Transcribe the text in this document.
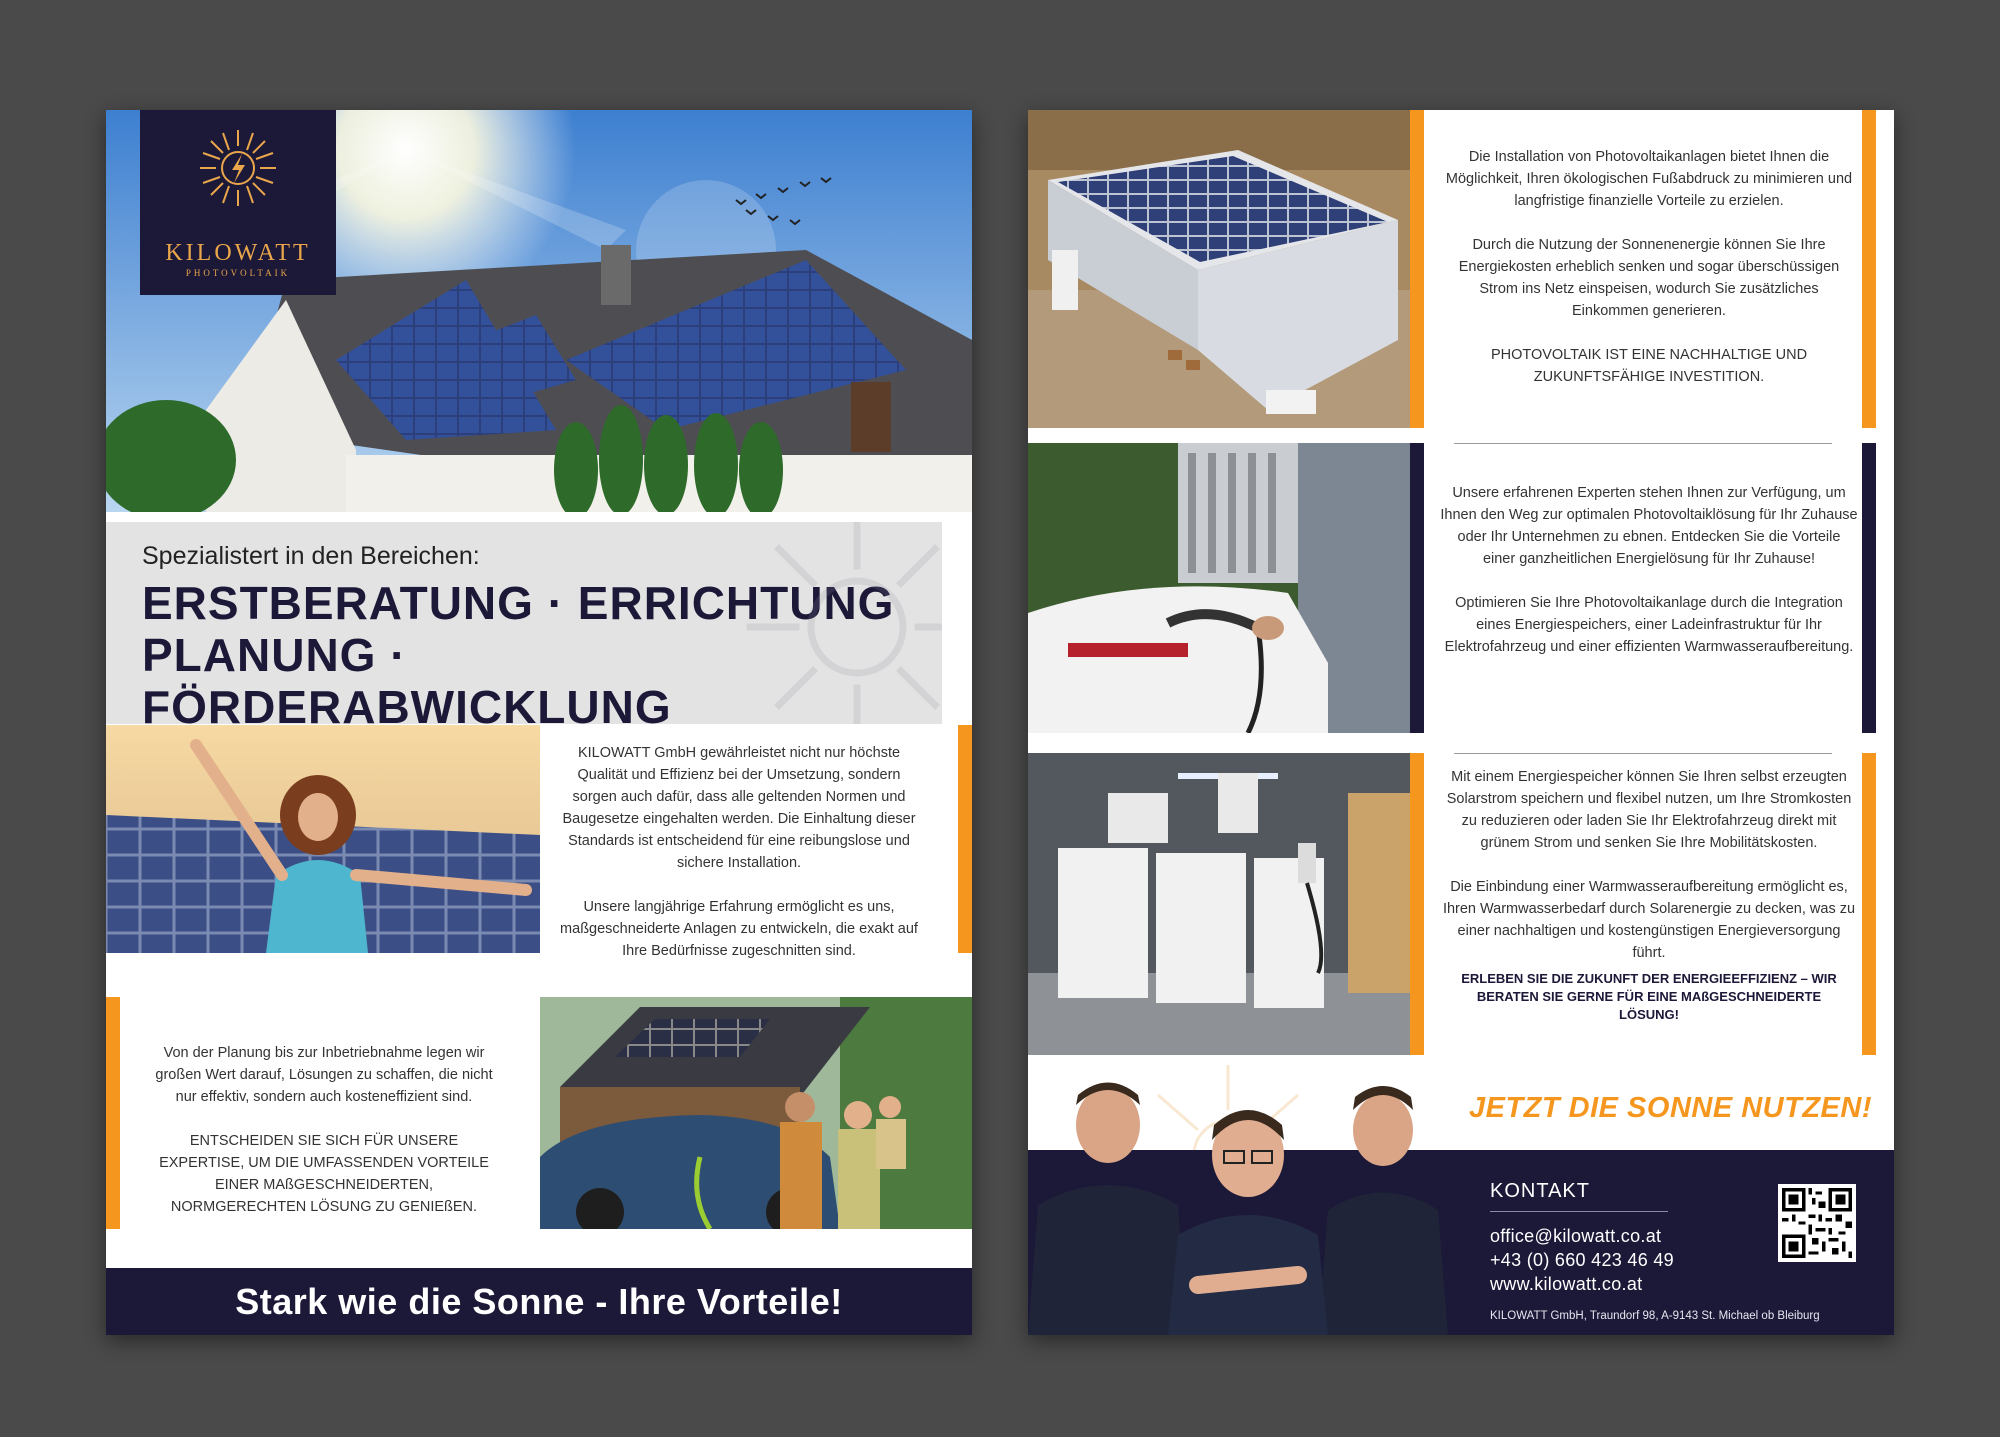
KILOWATT
PHOTOVOLTAIK
Spezialistert in den Bereichen:
ERSTBERATUNG · ERRICHTUNG
PLANUNG · FÖRDERABWICKLUNG

KILOWATT GmbH gewährleistet nicht nur höchste Qualität und Effizienz bei der Umsetzung, sondern sorgen auch dafür, dass alle geltenden Normen und Baugesetze eingehalten werden. Die Einhaltung dieser Standards ist entscheidend für eine reibungslose und sichere Installation.

Unsere langjährige Erfahrung ermöglicht es uns, maßgeschneiderte Anlagen zu entwickeln, die exakt auf Ihre Bedürfnisse zugeschnitten sind.

Von der Planung bis zur Inbetriebnahme legen wir großen Wert darauf, Lösungen zu schaffen, die nicht nur effektiv, sondern auch kosteneffizient sind.

ENTSCHEIDEN SIE SICH FÜR UNSERE EXPERTISE, UM DIE UMFASSENDEN VORTEILE EINER MAßGESCHNEIDERTEN, NORMGERECHTEN LÖSUNG ZU GENIEßEN.

Stark wie die Sonne - Ihre Vorteile!

Die Installation von Photovoltaikanlagen bietet Ihnen die Möglichkeit, Ihren ökologischen Fußabdruck zu minimieren und langfristige finanzielle Vorteile zu erzielen.

Durch die Nutzung der Sonnenenergie können Sie Ihre Energiekosten erheblich senken und sogar überschüssigen Strom ins Netz einspeisen, wodurch Sie zusätzliches Einkommen generieren.

PHOTOVOLTAIK IST EINE NACHHALTIGE UND ZUKUNFTSFÄHIGE INVESTITION.

Unsere erfahrenen Experten stehen Ihnen zur Verfügung, um Ihnen den Weg zur optimalen Photovoltaiklösung für Ihr Zuhause oder Ihr Unternehmen zu ebnen. Entdecken Sie die Vorteile einer ganzheitlichen Energielösung für Ihr Zuhause!

Optimieren Sie Ihre Photovoltaikanlage durch die Integration eines Energiespeichers, einer Ladeinfrastruktur für Ihr Elektrofahrzeug und einer effizienten Warmwasseraufbereitung.

Mit einem Energiespeicher können Sie Ihren selbst erzeugten Solarstrom speichern und flexibel nutzen, um Ihre Stromkosten zu reduzieren oder laden Sie Ihr Elektrofahrzeug direkt mit grünem Strom und senken Sie Ihre Mobilitätskosten.

Die Einbindung einer Warmwasseraufbereitung ermöglicht es, Ihren Warmwasserbedarf durch Solarenergie zu decken, was zu einer nachhaltigen und kostengünstigen Energieversorgung führt.

ERLEBEN SIE DIE ZUKUNFT DER ENERGIEEFFIZIENZ – WIR BERATEN SIE GERNE FÜR EINE MAßGESCHNEIDERTE LÖSUNG!

JETZT DIE SONNE NUTZEN!
KONTAKT
office@kilowatt.co.at
+43 (0) 660 423 46 49
www.kilowatt.co.at
KILOWATT GmbH, Traundorf 98, A-9143 St. Michael ob Bleiburg
